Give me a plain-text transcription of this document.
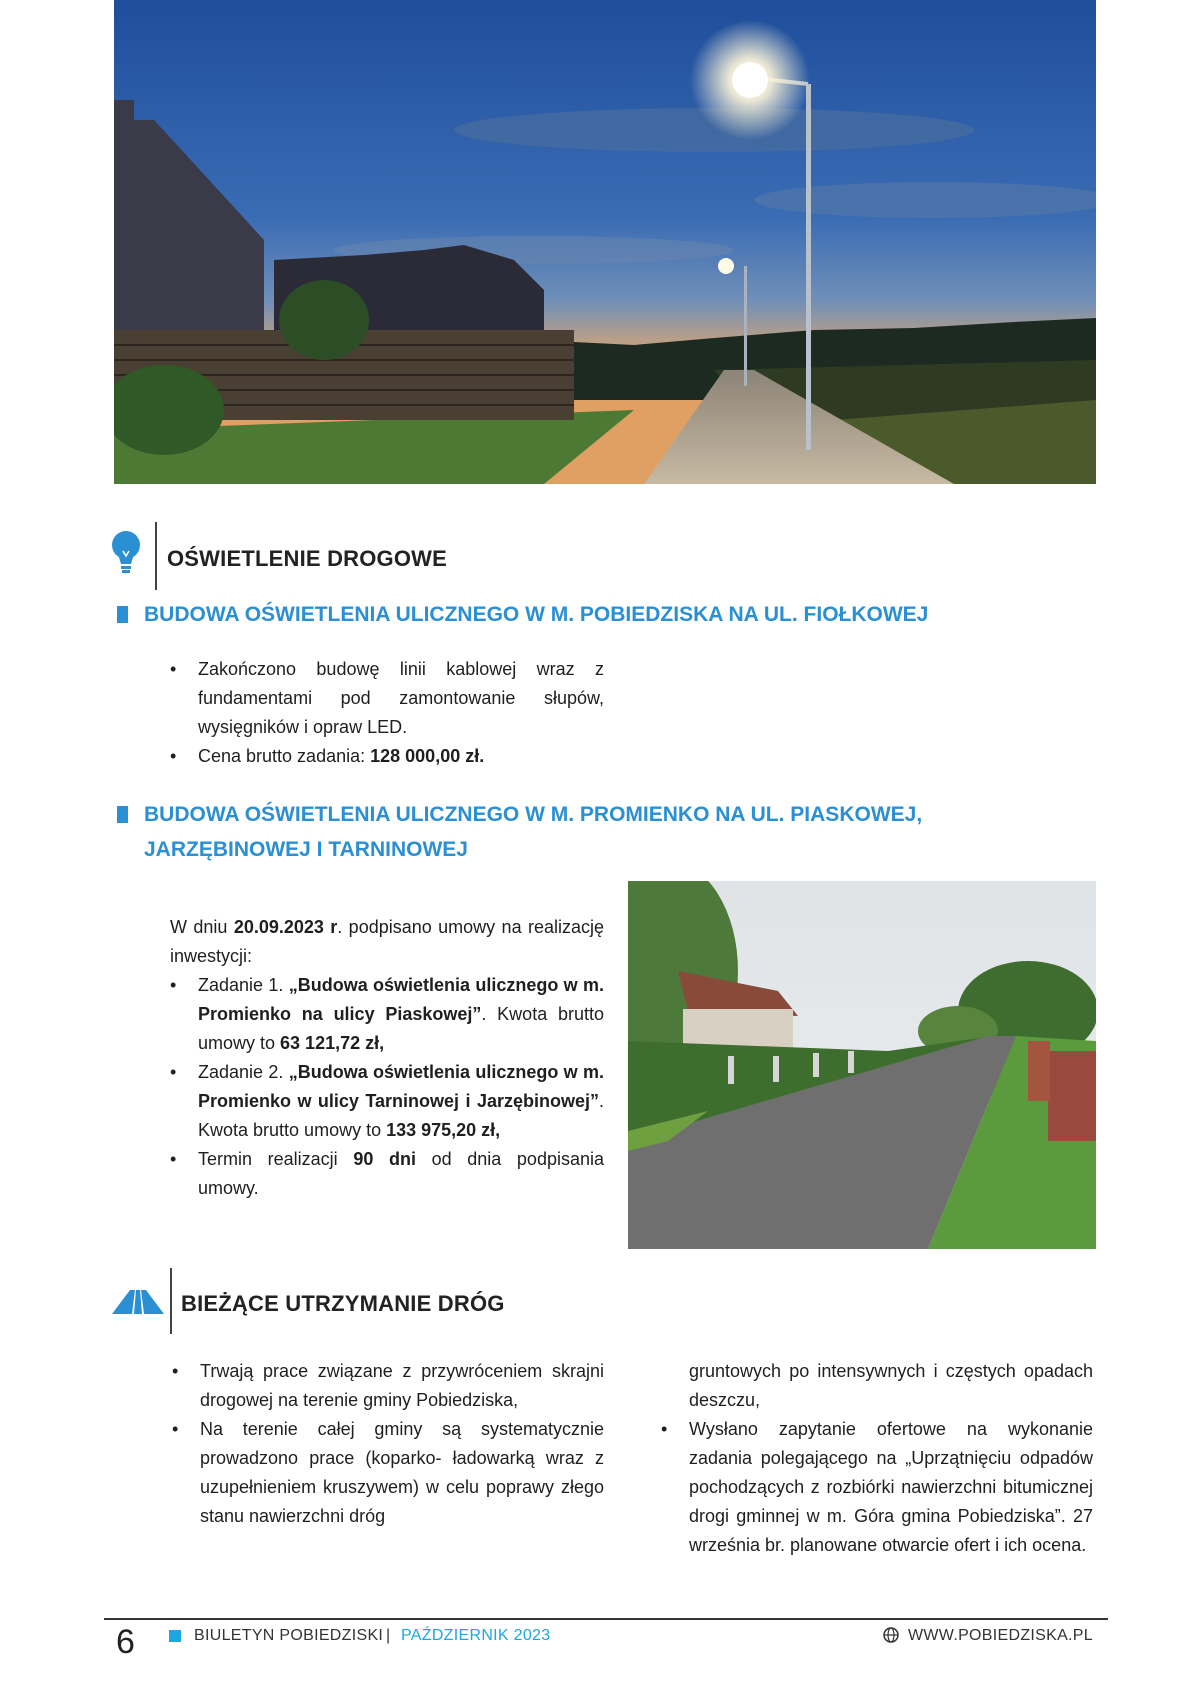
OŚWIETLENIE DROGOWE
BUDOWA OŚWIETLENIA ULICZNEGO W M. POBIEDZISKA NA UL. FIOŁKOWEJ
• Zakończono budowę linii kablowej wraz z fundamentami pod zamontowanie słupów, wysięgników i opraw LED.
• Cena brutto zadania: 128 000,00 zł.
BUDOWA OŚWIETLENIA ULICZNEGO W M. PROMIENKO NA UL. PIASKOWEJ,
JARZĘBINOWEJ I TARNINOWEJ

W dniu 20.09.2023 r. podpisano umowy na realizację inwestycji:

• Zadanie 1. „Budowa oświetlenia ulicznego w m. Promienko na ulicy Piaskowej”. Kwota brutto umowy to 63 121,72 zł,
• Zadanie 2. „Budowa oświetlenia ulicznego w m. Promienko w ulicy Tarninowej i Jarzębinowej”. Kwota brutto umowy to 133 975,20 zł,
• Termin realizacji 90 dni od dnia podpisania umowy.
BIEŻĄCE UTRZYMANIE DRÓG
• Trwają prace związane z przywróceniem skrajni drogowej na terenie gminy Pobiedziska,
• Na terenie całej gminy są systematycznie prowadzono prace (koparko- ładowarką wraz z uzupełnieniem kruszywem) w celu poprawy złego stanu nawierzchni dróg

gruntowych po intensywnych i częstych opadach deszczu,

• Wysłano zapytanie ofertowe na wykonanie zadania polegającego na „Uprzątnięciu odpadów pochodzących z rozbiórki nawierzchni bitumicznej drogi gminnej w m. Góra gmina Pobiedziska”. 27 września br. planowane otwarcie ofert i ich ocena.
6	BIULETYN POBIEDZISKI | PAŹDZIERNIK 2023	WWW.POBIEDZISKA.PL
